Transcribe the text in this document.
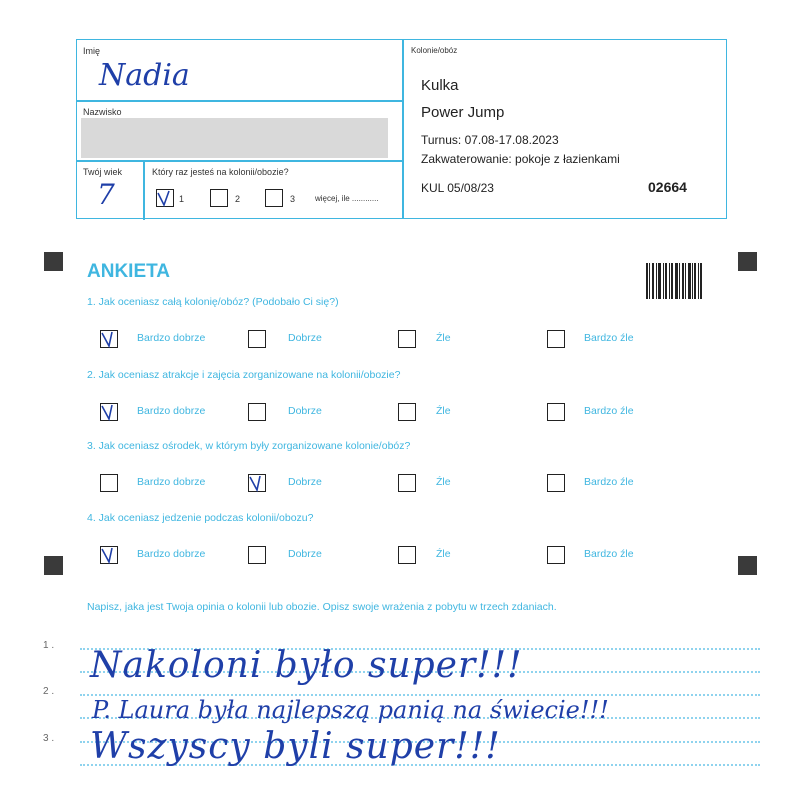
Imię
Nadia
Nazwisko
Twój wiek
7
Który raz jesteś na kolonii/obozie?
1	2	3 więcej, ile ............
Kolonie/obóz
Kulka
Power Jump
Turnus: 07.08-17.08.2023
Zakwaterowanie: pokoje z łazienkami
KUL 05/08/23	02664
ANKIETA
1. Jak oceniasz całą kolonię/obóz? (Podobało Ci się?)
Bardzo dobrze	Dobrze	Źle	Bardzo źle
2. Jak oceniasz atrakcje i zajęcia zorganizowane na kolonii/obozie?
Bardzo dobrze	Dobrze	Źle	Bardzo źle
3. Jak oceniasz ośrodek, w którym były zorganizowane kolonie/obóz?
Bardzo dobrze	Dobrze	Źle	Bardzo źle
4. Jak oceniasz jedzenie podczas kolonii/obozu?
Bardzo dobrze	Dobrze	Źle	Bardzo źle
Napisz, jaka jest Twoja opinia o kolonii lub obozie. Opisz swoje wrażenia z pobytu w trzech zdaniach.
1 .
2 .
3 .
Nakoloni było super!!!
P. Laura była najlepszą panią na świecie!!!
Wszyscy byli super!!!
